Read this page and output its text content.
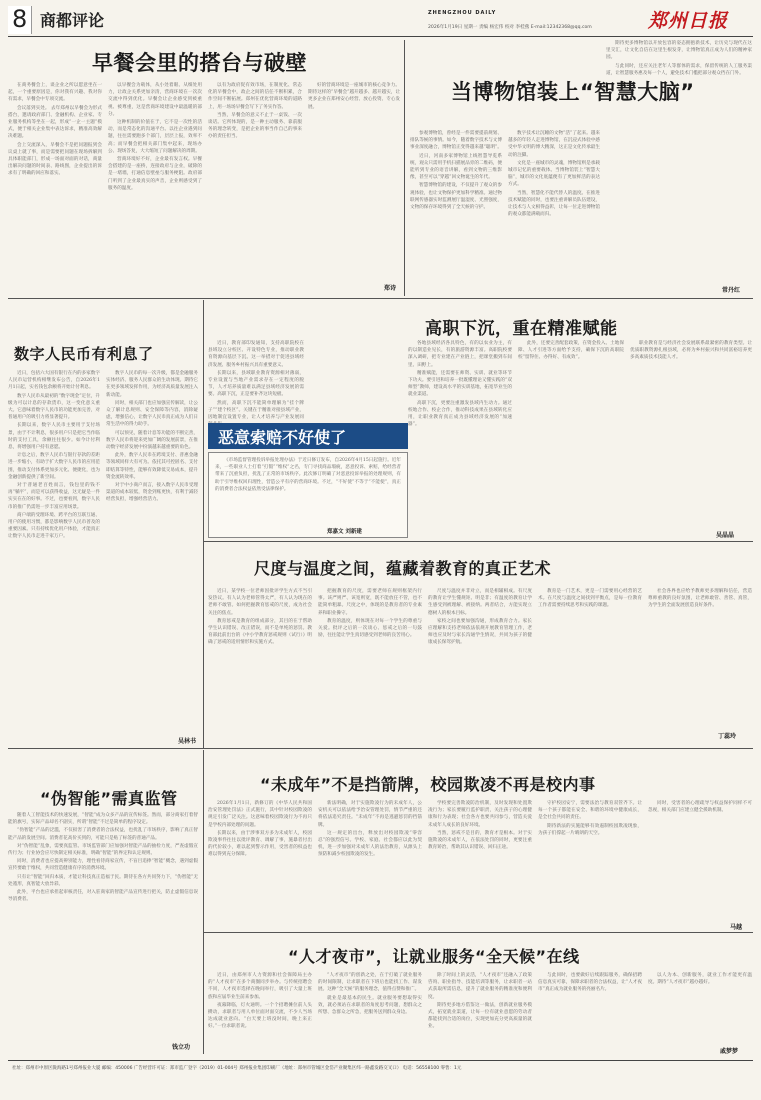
8 商都评论	ZHENGZHOU DAILY	郑州日报
2026年1月19日 星期一 责编 杨宏伟 校对 李桂燕 E-mail:12342368@qq.com
早餐会里的搭台与破壁

在商务餐会上，谈企业之所以愿意坐在一起，一个重要原因是，你对我有兴趣、我对你有需求，早餐会中专项交流。

会议落到实处。 去年郑州以早餐会为形式搭台，邀请政府部门、金融机构、企业家、专业服务机构等坐在一起，形成“一企一主题”模式，便于相关企业集中表达诉求，精准高效解决难题。

会上交流深入，早餐会不是把问题报到会议桌上就了事，而是需要把问题在现场拆解到具体职能部门，形成一场面对面的对话，商量出解决问题的时间表、路线图，企业提出的诉求有了明确的回应和落实。

以早餐会为载体，从小处着眼、从细处用力，让政企关系更加亲清，营商环境在一次次交流中得到优化。早餐会让企业感受到被重视、被尊重，这是营商环境建设中最温暖的部分。

这种机制的价值在于，它不是一次性的活动，而是常态化的沟通平台。以往企业遇到问题，往往需要跑多个部门，层层上报，效率不高；而早餐会把相关部门集中起来，现场办公、现场答复，大大缩短了问题解决的周期。

营商环境好不好，企业最有发言权。早餐会搭建的是一座桥，连接政府与企业，破除的是一堵墙，打通信息壁垒与服务梗阻。政府部门听到了企业最真实的声音，企业则感受到了服务的温度。

以有为政府促有效市场，在制度化、常态化的早餐会中，政企之间的信任不断积累，合作空间不断拓展。郑州在优化营商环境的道路上，用一场场早餐会写下了务实作答。

当然，早餐会的意义不止于一桌饭、一次谈话。它所体现的，是一种主动服务、靠前服务的理念转变，是把企业的事当作自己的事来办的责任担当。

好的营商环境是一座城市的核心竞争力。期待这样的“早餐会”越开越多、越开越实，让更多企业在郑州安心经营、放心投资、专心发展。

郑诗
当博物馆装上“智慧大脑”

参观博物馆，曾经是一件需要提前规划、排队等候的事情。如今，随着数字技术与文博事业深度融合，博物馆正变得越来越“聪明”。

近日，河南多家博物馆上线智慧导览系统，观众只需用手机扫描展品旁的二维码，便能听到专业的语音讲解，看到文物的三维影像，甚至可以“穿越”回文物诞生的年代。

智慧博物馆的建设，不仅提升了观众的参观体验，也让文物保护更加科学精准。通过物联网传感器实时监测展厅温湿度、光照强度，文物的保存环境得到了全天候的守护。

数字技术让沉睡的文物“活”了起来。越来越多的年轻人走进博物馆，在沉浸式体验中感受中华文明的博大精深，这正是文化传承最生动的注脚。

文化是一座城市的灵魂，博物馆则是承载城市记忆的重要载体。当博物馆装上“智慧大脑”，城市的文化底蕴便有了更加鲜活的表达方式。

当然，智慧化不能代替人的温度。在推进技术赋能的同时，也要注重讲解员队伍建设，让技术与人文相得益彰，让每一位走进博物馆的观众都能满载而归。

期待更多博物馆以开放包容的姿态拥抱新技术，让历史与现代在这里交汇，让文化自信在这里生根发芽，让博物馆真正成为人们的精神家园。

与此同时，还应关注老年人等群体的需求，保留传统的人工服务渠道，让智慧服务惠及每一个人，避免技术门槛把部分观众挡在门外。

常丹红
数字人民币有利息了

近日，包括六大国有银行在内的多家数字人民币运营机构相继发布公告，自2026年1月1日起，实名钱包余额将开始计付利息。

数字人民币从最初的“数字现金”定位，升级为可以计息的存款货币，这一变化意义重大。它意味着数字人民币的功能更加完善，对普通用户的吸引力将显著提升。

长期以来，数字人民币主要用于支付场景，由于不计利息，很多用户只是把它当作临时的支付工具，余额往往很少。如今计付利息，将增强用户持有意愿。

计息之后，数字人民币与银行存款的差距进一步缩小，有助于扩大数字人民币的应用范围，推动支付体系更加多元化、便捷化，也为金融创新提供了新空间。

对于普通老百姓而言，钱包里的钱不再“躺平”，而是可以获得收益，这无疑是一件实实在在的好事。不过，也要看到，数字人民币的推广仍需进一步丰富应用场景。

商户端的受理环境、跨平台的互联互通、用户的使用习惯，都是影响数字人民币普及的重要因素。只有持续优化用户体验，才能真正让数字人民币走进千家万户。

数字人民币的每一次升级，都是金融服务实体经济、服务人民群众的生动体现。期待它在更多领域发挥作用，为经济高质量发展注入新动能。

同时，相关部门也应加强宣传解读，让公众了解计息规则、安全保障等内容，消除疑虑，增强信心，让数字人民币真正成为人们日常生活中的得力助手。

可以预见，随着计息等功能的不断完善，数字人民币将迎来更加广阔的发展前景，在推动数字经济发展中扮演越来越重要的角色。

此外，数字人民币在跨境支付、普惠金融等领域同样大有可为。依托其可控匿名、支付即结算等特性，能够有效降低交易成本，提升资金流转效率。

对于中小商户而言，接入数字人民币受理渠道的成本较低，资金到账更快，有利于减轻经营负担，增强经营活力。

吴林书
高职下沉，重在精准赋能

近日，教育部印发通知，支持高职院校在县域设立分校区、开设特色专业，推动职业教育资源向基层下沉。这一举措对于促进县域经济发展、服务乡村振兴具有重要意义。

长期以来，县域职业教育资源相对薄弱，专业设置与当地产业需求存在一定程度的脱节，人才培养质量难以满足县域经济发展的需要。高职下沉，正是要补齐这块短板。

然而，高职下沉不能简单理解为“挂个牌子”“建个校区”。关键在于精准对接县域产业，因地制宜设置专业，让人才培养与产业发展同

各地县域经济各具特色，有的以农业为主，有的以制造业见长，有的旅游资源丰富。高职院校要深入调研，把专业建在产业链上，把课堂搬到车间里、田野上。

精准赋能，还需要在师资、实训、就业等环节下功夫。要引进和培养一批既懂理论又懂实践的“双师型”教师，建设高水平的实训基地，拓宽毕业生的就业渠道。

高职下沉，更要注重激发县域内生动力。通过校地合作、校企合作，推动科技成果在县域转化应用，让职业教育真正成为县域经济发展的“加速器”。

此外，还要完善配套政策，在资金投入、土地保障、人才引进等方面给予支持，确保下沉的高职院校“留得住、办得好、有成效”。

职业教育是与经济社会发展联系最紧密的教育类型。让优质职教资源扎根县域，必将为乡村振兴和共同富裕培养更多高素质技术技能人才。

吴晶晶
恶意索赔不好使了
《市场监督管理投诉举报处理办法》于近日修订发布，自2026年4月15日起施行。近年来，一些职业人士打着“打假”“维权”之名，专门寻找商品瑕疵，恶意投诉、索赔，给经营者带来了沉重负担，扰乱了正常的市场秩序。此次修订明确了对恶意投诉举报的处理规则，有助于引导维权回归理性，营造公平有序的营商环境。不过，“不好使”不等于“不能使”，真正的消费者合法权益依然受法律保护。
郑嘉文 刘新建
尺度与温度之间，蕴藏着教育的真正艺术

近日，某学校一位老师因批评学生方式不当引发热议。有人认为老师管得太严，有人认为现在的老师不敢管。如何把握教育惩戒的尺度，成为社会关注的焦点。

教育惩戒是教育的组成部分，其目的在于帮助学生认识错误、改正错误，而不是单纯的惩罚。教育部此前出台的《中小学教育惩戒规则（试行）》明确了惩戒的适用情形和实施方式。

把握教育的尺度，需要老师在规则框架内行事。该严则严、该宽则宽，既不能放任不管，也不能简单粗暴。尺度之中，体现的是教育者的专业素养和职业操守。

教育的温度，则体现在对每一个学生的尊重与关爱。批评之后的一次谈心、惩戒之后的一句鼓励，往往能让学生真切感受到老师的良苦用心。

尺度与温度并非对立，而是相辅相成。有尺度的教育让学生懂规矩、明是非；有温度的教育让学生感受到被理解、被接纳。两者结合，方能实现立德树人的根本目标。

家校之间也要加强沟通，形成教育合力。家长应理解和支持老师依法依规开展教育管理工作，老师也应及时与家长沟通学生情况，共同为孩子的健康成长保驾护航。

教育是一门艺术，更是一门需要用心经营的艺术。在尺度与温度之间找到平衡点，是每一位教育工作者需要持续思考和实践的课题。

社会各界也应给予教师更多理解和信任，营造尊师重教的良好氛围，让老师敢管、善管、真管，为学生的全面发展创造良好条件。

丁蕊玲
“伪智能”需真监管

随着人工智能技术的快速发展，“智能”成为众多产品的宣传标签。然而，部分商家打着智能的旗号，实际产品却名不副实，所谓“智能”不过是简单的程序设定。

“伪智能”产品的泛滥，不仅损害了消费者的合法权益，也扰乱了市场秩序，影响了真正智能产品的发展空间。消费者花高价买到的，可能只是贴了标签的普通产品。

对“伪智能”乱象，需要真监管。市场监管部门应加强对智能产品的抽检力度，严查虚假宣传行为；行业协会应尽快制定相关标准，明确“智能”的界定和认定规则。

同时，消费者也应提高辨别能力，理性看待商家宣传，不盲目追捧“智能”概念，遇到虚假宣传要敢于维权，共同营造健康有序的消费环境。

只有让“智能”回归本质，才能让科技真正造福于民。期待在各方共同努力下，“伪智能”无处遁形，真智能大放异彩。

此外，平台也应承担起审核责任，对入驻商家的智能产品宣传进行把关，防止虚假信息误导消费者。

钱立功
“未成年”不是挡箭牌，校园欺凌不再是校内事

2026年1月1日，新修订的《中华人民共和国治安管理处罚法》正式施行，其中针对校园欺凌的规定引发广泛关注。这意味着校园欺凌行为不再只是学校内部处理的问题。

长期以来，由于涉事双方多为未成年人，校园欺凌事件往往以批评教育、调解了事，施暴者付出的代价较小，难以起到警示作用，受害者的权益也难以得到充分保障。

新法明确，对于实施欺凌行为的未成年人，公安机关可以依法给予治安管理处罚，情节严重的还将依法追究责任。“未成年”不再是逃避惩罚的挡箭牌。

这一规定的出台，释放出对校园欺凌“零容忍”的强烈信号。学校、家庭、社会都应以此为契机，进一步加强对未成年人的法治教育，从源头上预防和减少校园欺凌的发生。

学校要完善欺凌防治机制，及时发现和处置欺凌行为；家长要履行监护职责，关注孩子的心理健康和行为表现；社会各方也要共同参与，营造关爱未成年人成长的良好环境。

当然，惩戒不是目的，教育才是根本。对于实施欺凌的未成年人，在依法处罚的同时，更要注重教育矫治，帮助其认识错误、回归正途。

守护校园安宁，需要法治与教育双管齐下。让每一个孩子都能在安全、和谐的环境中健康成长，是全社会共同的责任。

期待新法的实施能够有效遏制校园欺凌现象，为孩子们撑起一片晴朗的天空。

同时，受害者的心理疏导与权益保护同样不可忽视，相关部门应建立健全援助机制。

马越
“人才夜市”，让就业服务“全天候”在线

近日，由郑州市人力资源和社会保障局主办的“人才夜市”在多个商圈同步举办。与传统招聘会不同，人才夜市选择在晚间举行，吸引了大量上班族和应届毕业生前来参加。

夜幕降临，灯火通明。一个个招聘摊位前人头攒动，求职者与用人单位面对面交流，不少人当场达成就业意向。“白天要上班没时间，晚上来正好。”一位求职者说。

“人才夜市”的创新之处，在于打破了就业服务的时间限制，让求职者在下班后也能找工作、谋发展。这种“全天候”的服务理念，值得点赞和推广。

就业是最基本的民生。就业服务要想取得实效，就必须站在求职者的角度思考问题，想群众之所想、急群众之所急，把服务送到群众身边。

除了时间上的灵活，“人才夜市”还融入了政策咨询、职业指导、技能培训等服务，让求职者一站式获取所需信息，提升了就业服务的精准度和便利度。

期待更多地方借鉴这一做法，创新就业服务模式，拓宽就业渠道，让每一位有就业意愿的劳动者都能找到合适的岗位，实现更加充分更高质量的就业。

与此同时，也要做好后续跟踪服务，确保招聘信息真实可靠，保障求职者的合法权益，让“人才夜市”真正成为就业服务的亮丽名片。

以人为本、创新服务，就业工作才能更有温度。期待“人才夜市”越办越好。

戚梦梦
社址：郑州市中原区陇海路1号郑州报业大厦 邮编：450006 广告经营许可证：郑市监广登字（2019）01-004号 郑州报业集团印刷厂（地址：郑州市管城区金岱产业聚集区纬一路鑫发路交叉口） 电话：56558100 零售：1元
